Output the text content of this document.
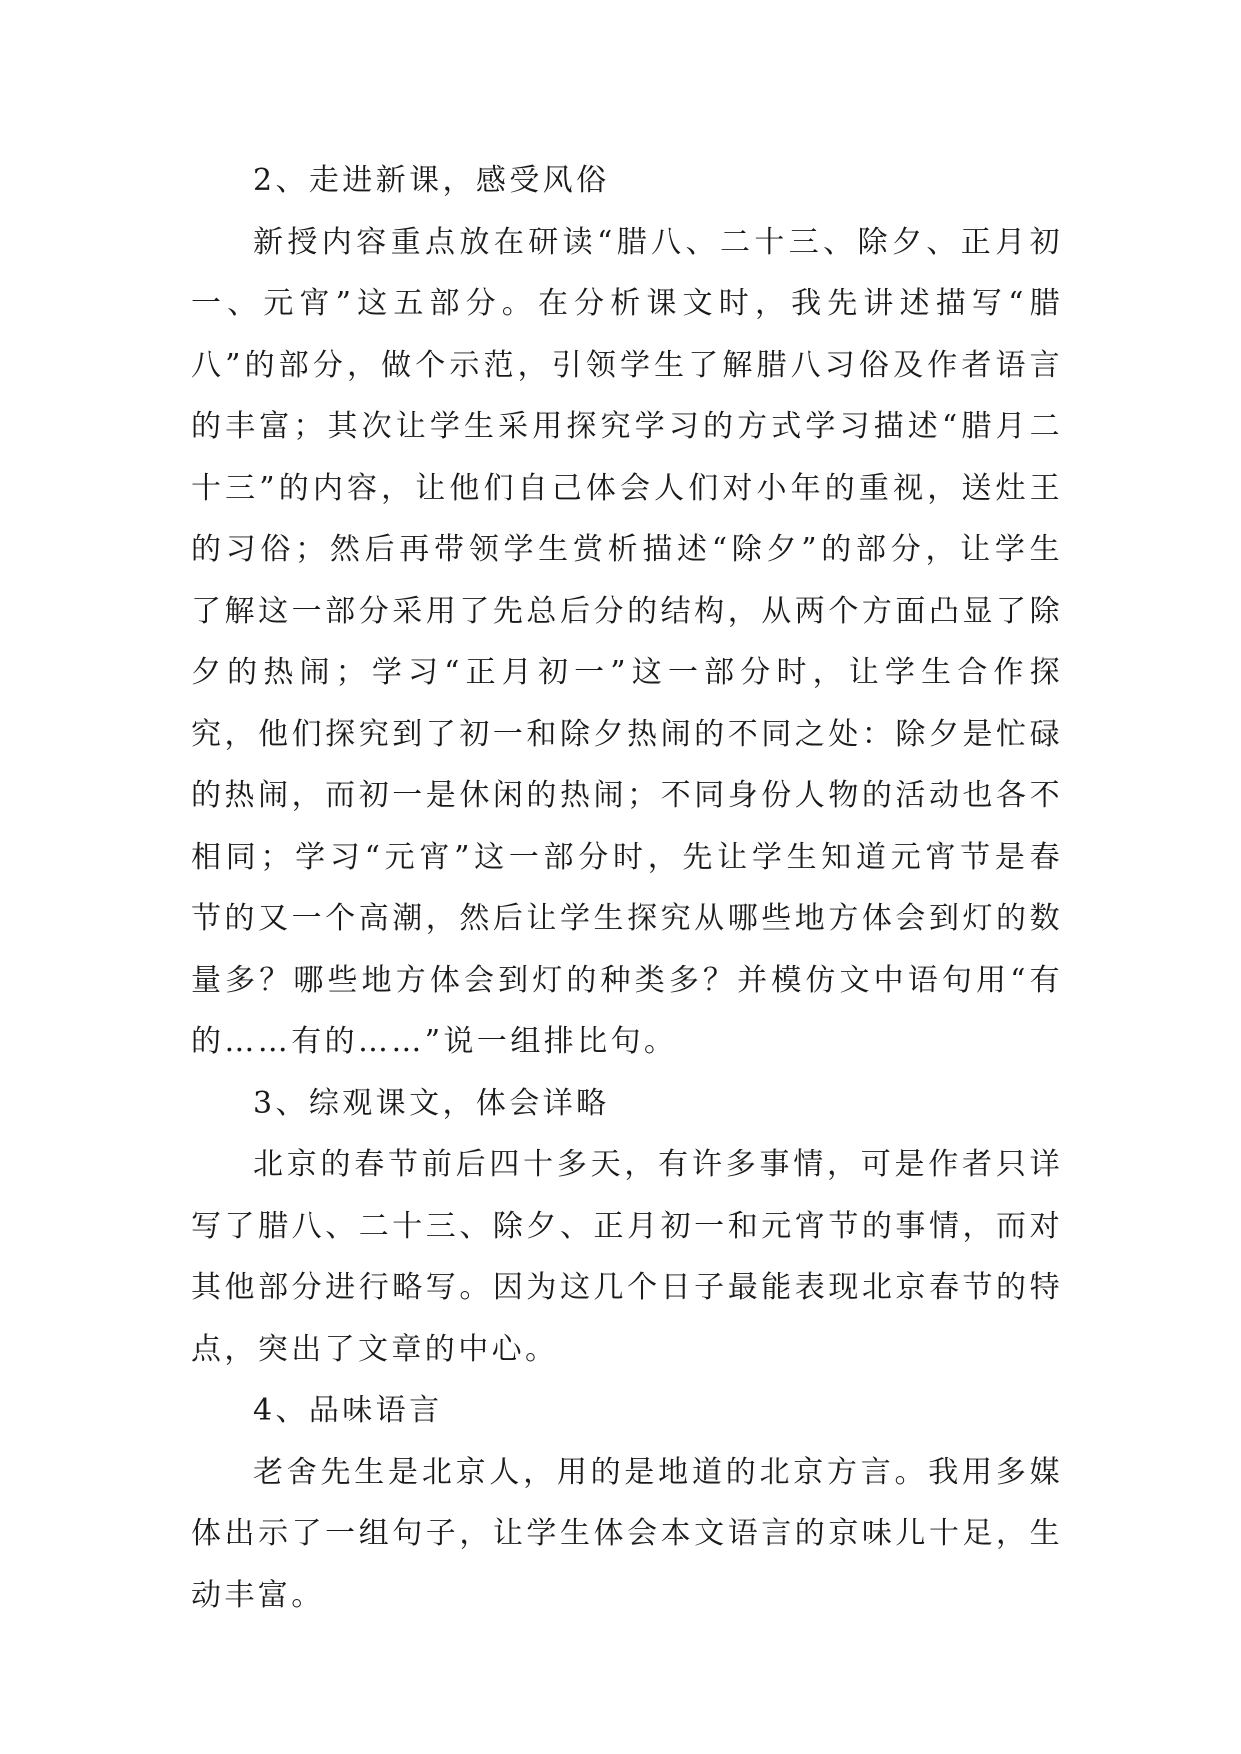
2、走进新课，感受风俗

新授内容重点放在研读“腊八、二十三、除夕、正月初一、元宵”这五部分。在分析课文时，我先讲述描写“腊八”的部分，做个示范，引领学生了解腊八习俗及作者语言的丰富；其次让学生采用探究学习的方式学习描述“腊月二十三”的内容，让他们自己体会人们对小年的重视，送灶王的习俗；然后再带领学生赏析描述“除夕”的部分，让学生了解这一部分采用了先总后分的结构，从两个方面凸显了除夕的热闹；学习“正月初一”这一部分时，让学生合作探究，他们探究到了初一和除夕热闹的不同之处：除夕是忙碌的热闹，而初一是休闲的热闹；不同身份人物的活动也各不相同；学习“元宵”这一部分时，先让学生知道元宵节是春节的又一个高潮，然后让学生探究从哪些地方体会到灯的数量多？哪些地方体会到灯的种类多？并模仿文中语句用“有的……有的……”说一组排比句。

3、综观课文，体会详略

北京的春节前后四十多天，有许多事情，可是作者只详写了腊八、二十三、除夕、正月初一和元宵节的事情，而对其他部分进行略写。因为这几个日子最能表现北京春节的特点，突出了文章的中心。

4、品味语言

老舍先生是北京人，用的是地道的北京方言。我用多媒体出示了一组句子，让学生体会本文语言的京味儿十足，生动丰富。
